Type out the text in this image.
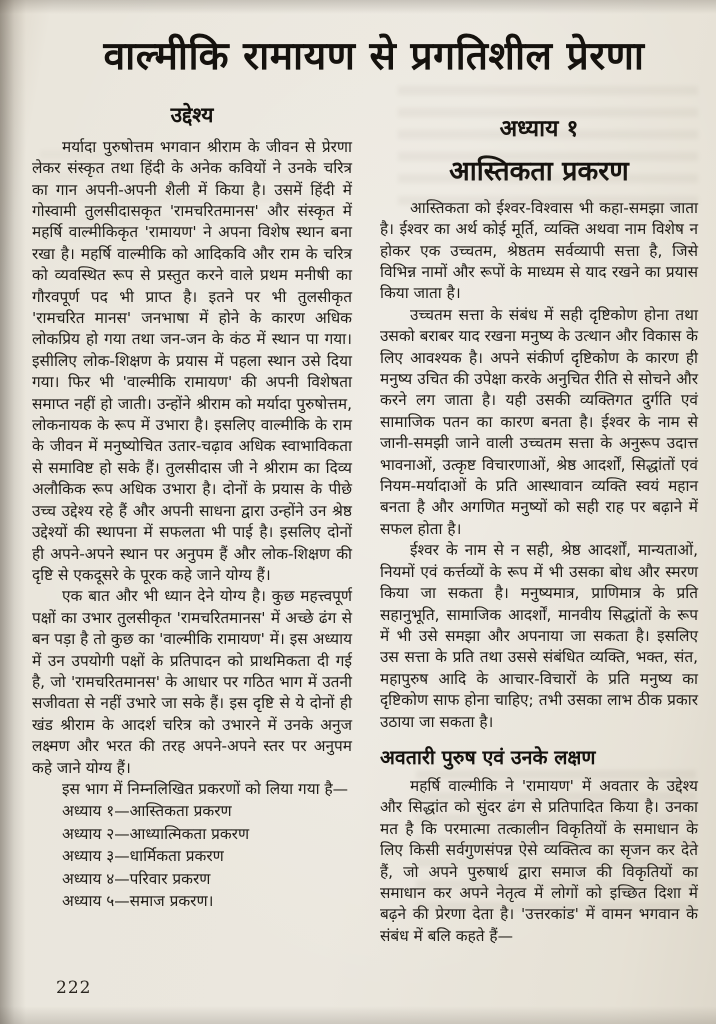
वाल्मीकि रामायण से प्रगतिशील प्रेरणा
उद्देश्य

मर्यादा पुरुषोत्तम भगवान श्रीराम के जीवन से प्रेरणा लेकर संस्कृत तथा हिंदी के अनेक कवियों ने उनके चरित्र का गान अपनी-अपनी शैली में किया है। उसमें हिंदी में गोस्वामी तुलसीदासकृत 'रामचरितमानस' और संस्कृत में महर्षि वाल्मीकिकृत 'रामायण' ने अपना विशेष स्थान बना रखा है। महर्षि वाल्मीकि को आदिकवि और राम के चरित्र को व्यवस्थित रूप से प्रस्तुत करने वाले प्रथम मनीषी का गौरवपूर्ण पद भी प्राप्त है। इतने पर भी तुलसीकृत 'रामचरित मानस' जनभाषा में होने के कारण अधिक लोकप्रिय हो गया तथा जन-जन के कंठ में स्थान पा गया। इसीलिए लोक-शिक्षण के प्रयास में पहला स्थान उसे दिया गया। फिर भी 'वाल्मीकि रामायण' की अपनी विशेषता समाप्त नहीं हो जाती। उन्होंने श्रीराम को मर्यादा पुरुषोत्तम, लोकनायक के रूप में उभारा है। इसलिए वाल्मीकि के राम के जीवन में मनुष्योचित उतार-चढ़ाव अधिक स्वाभाविकता से समाविष्ट हो सके हैं। तुलसीदास जी ने श्रीराम का दिव्य अलौकिक रूप अधिक उभारा है। दोनों के प्रयास के पीछे उच्च उद्देश्य रहे हैं और अपनी साधना द्वारा उन्होंने उन श्रेष्ठ उद्देश्यों की स्थापना में सफलता भी पाई है। इसलिए दोनों ही अपने-अपने स्थान पर अनुपम हैं और लोक-शिक्षण की दृष्टि से एकदूसरे के पूरक कहे जाने योग्य हैं।

एक बात और भी ध्यान देने योग्य है। कुछ महत्त्वपूर्ण पक्षों का उभार तुलसीकृत 'रामचरितमानस' में अच्छे ढंग से बन पड़ा है तो कुछ का 'वाल्मीकि रामायण' में। इस अध्याय में उन उपयोगी पक्षों के प्रतिपादन को प्राथमिकता दी गई है, जो 'रामचरितमानस' के आधार पर गठित भाग में उतनी सजीवता से नहीं उभारे जा सके हैं। इस दृष्टि से ये दोनों ही खंड श्रीराम के आदर्श चरित्र को उभारने में उनके अनुज लक्ष्मण और भरत की तरह अपने-अपने स्तर पर अनुपम कहे जाने योग्य हैं।

इस भाग में निम्नलिखित प्रकरणों को लिया गया है—

अध्याय १—आस्तिकता प्रकरण
अध्याय २—आध्यात्मिकता प्रकरण
अध्याय ३—धार्मिकता प्रकरण
अध्याय ४—परिवार प्रकरण
अध्याय ५—समाज प्रकरण।
अध्याय १
आस्तिकता प्रकरण

आस्तिकता को ईश्वर-विश्वास भी कहा-समझा जाता है। ईश्वर का अर्थ कोई मूर्ति, व्यक्ति अथवा नाम विशेष न होकर एक उच्चतम, श्रेष्ठतम सर्वव्यापी सत्ता है, जिसे विभिन्न नामों और रूपों के माध्यम से याद रखने का प्रयास किया जाता है।

उच्चतम सत्ता के संबंध में सही दृष्टिकोण होना तथा उसको बराबर याद रखना मनुष्य के उत्थान और विकास के लिए आवश्यक है। अपने संकीर्ण दृष्टिकोण के कारण ही मनुष्य उचित की उपेक्षा करके अनुचित रीति से सोचने और करने लग जाता है। यही उसकी व्यक्तिगत दुर्गति एवं सामाजिक पतन का कारण बनता है। ईश्वर के नाम से जानी-समझी जाने वाली उच्चतम सत्ता के अनुरूप उदात्त भावनाओं, उत्कृष्ट विचारणाओं, श्रेष्ठ आदर्शों, सिद्धांतों एवं नियम-मर्यादाओं के प्रति आस्थावान व्यक्ति स्वयं महान बनता है और अगणित मनुष्यों को सही राह पर बढ़ाने में सफल होता है।

ईश्वर के नाम से न सही, श्रेष्ठ आदर्शों, मान्यताओं, नियमों एवं कर्त्तव्यों के रूप में भी उसका बोध और स्मरण किया जा सकता है। मनुष्यमात्र, प्राणिमात्र के प्रति सहानुभूति, सामाजिक आदर्शों, मानवीय सिद्धांतों के रूप में भी उसे समझा और अपनाया जा सकता है। इसलिए उस सत्ता के प्रति तथा उससे संबंधित व्यक्ति, भक्त, संत, महापुरुष आदि के आचार-विचारों के प्रति मनुष्य का दृष्टिकोण साफ होना चाहिए; तभी उसका लाभ ठीक प्रकार उठाया जा सकता है।

अवतारी पुरुष एवं उनके लक्षण

महर्षि वाल्मीकि ने 'रामायण' में अवतार के उद्देश्य और सिद्धांत को सुंदर ढंग से प्रतिपादित किया है। उनका मत है कि परमात्मा तत्कालीन विकृतियों के समाधान के लिए किसी सर्वगुणसंपन्न ऐसे व्यक्तित्व का सृजन कर देते हैं, जो अपने पुरुषार्थ द्वारा समाज की विकृतियों का समाधान कर अपने नेतृत्व में लोगों को इच्छित दिशा में बढ़ने की प्रेरणा देता है। 'उत्तरकांड' में वामन भगवान के संबंध में बलि कहते हैं—

222
